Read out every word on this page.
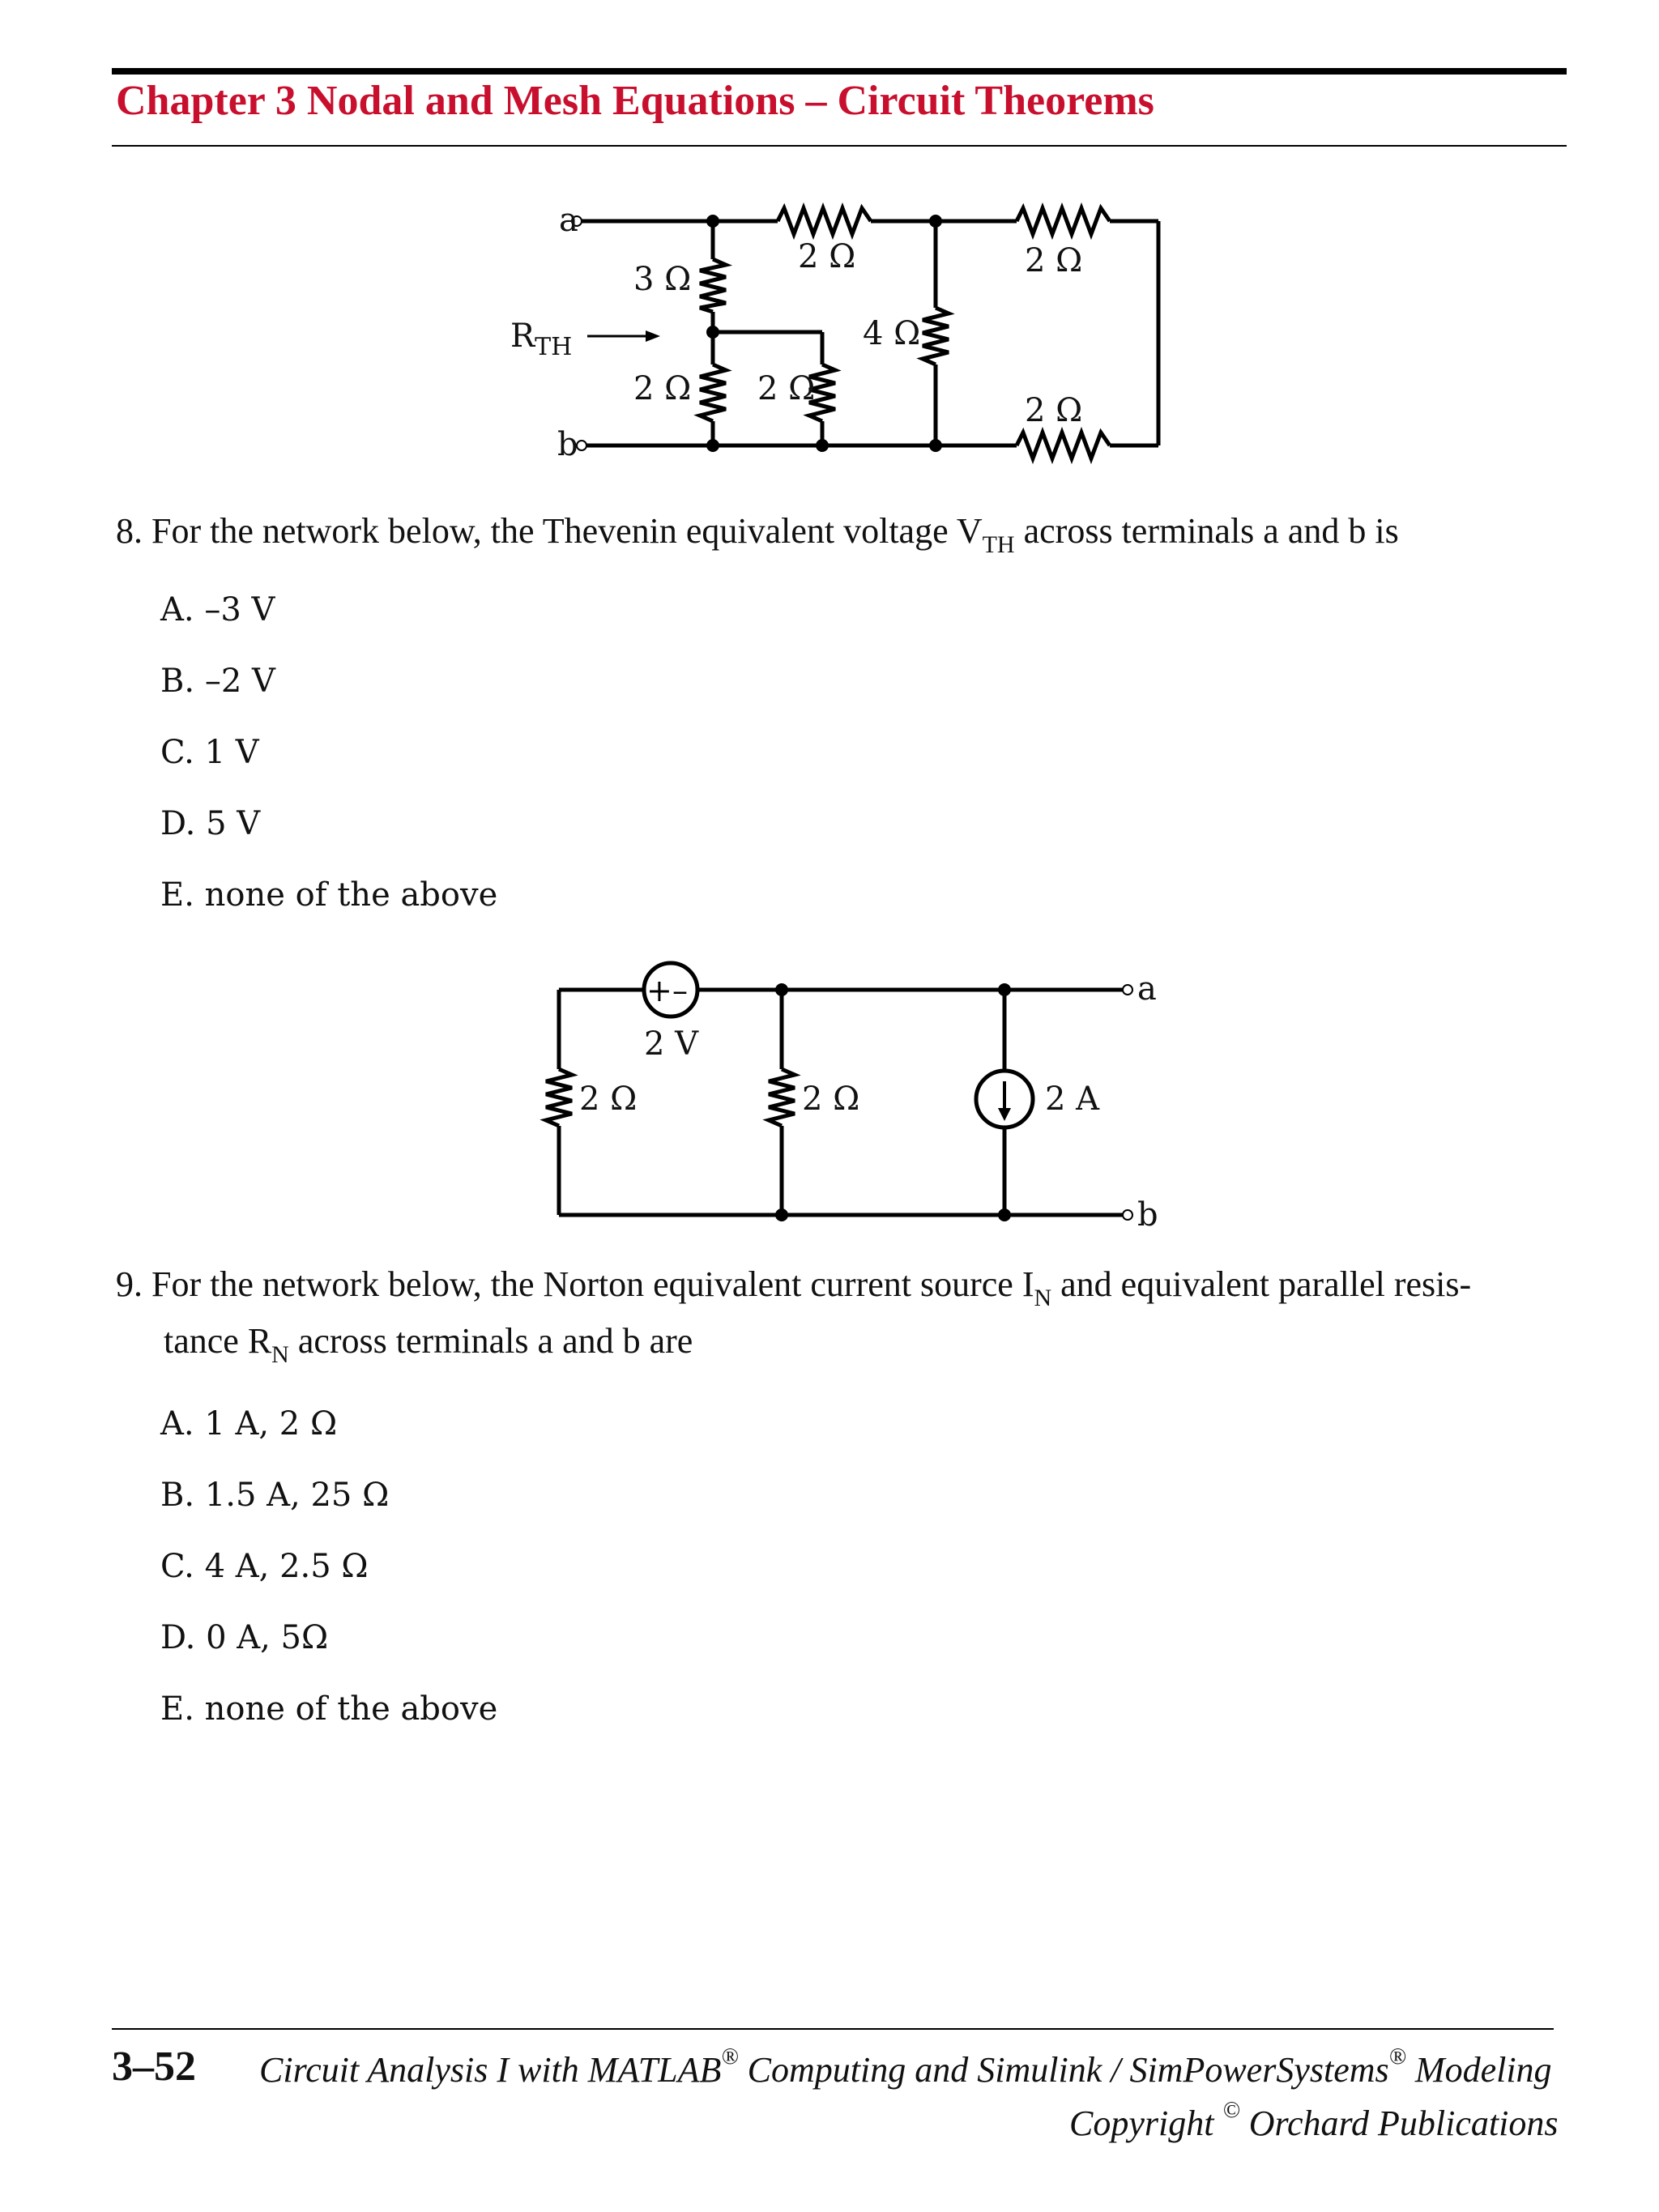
Chapter 3 Nodal and Mesh Equations – Circuit Theorems
a
b
$R_{TH}$
2 Ω	2 Ω
3 Ω
2 Ω 2 Ω
4 Ω
2 Ω
8. For the network below, the Thevenin equivalent voltage $V_{TH}$ across terminals a and b is
A. –3 V
B. –2 V
C. 1 V
D. 5 V
E. none of the above
+ –	a
b
2 V
2 Ω	2 Ω	2 A
9. For the network below, the Norton equivalent current source $I_N$ and equivalent parallel resis-
tance $R_N$ across terminals a and b are
A. 1 A, 2 Ω
B. 1.5 A, 25 Ω
C. 4 A, 2.5 Ω
D. 0 A, 5Ω
E. none of the above
3–52 Circuit Analysis I with MATLAB® Computing and Simulink / SimPowerSystems® Modeling
Copyright © Orchard Publications
